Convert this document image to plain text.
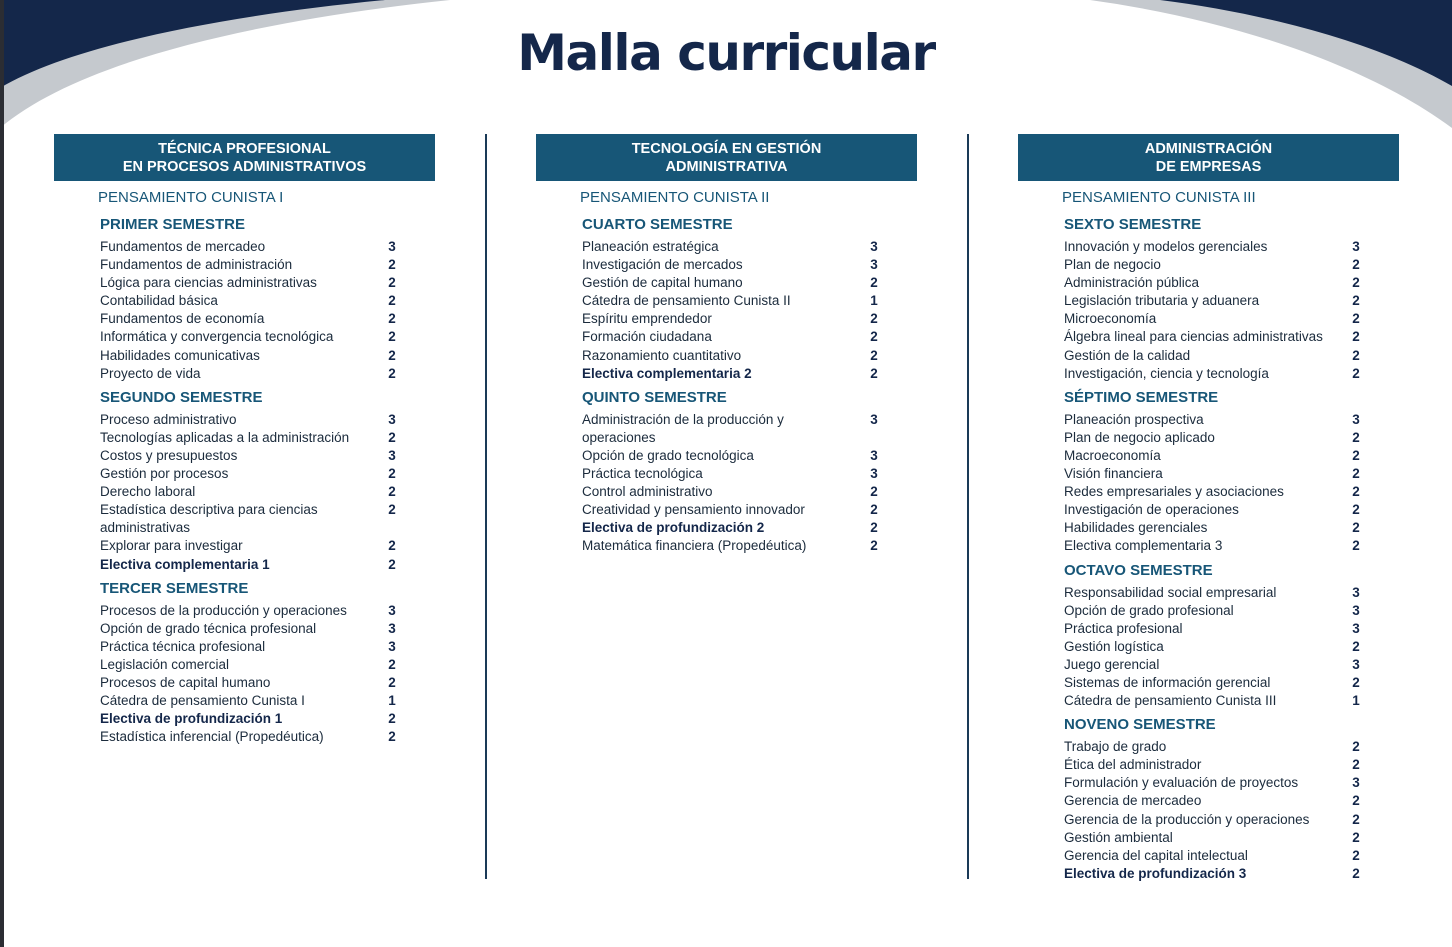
Malla curricular
TÉCNICA PROFESIONAL
EN PROCESOS ADMINISTRATIVOS
PENSAMIENTO CUNISTA I
PRIMER SEMESTRE
Fundamentos de mercadeo	3
Fundamentos de administración	2
Lógica para ciencias administrativas	2
Contabilidad básica	2
Fundamentos de economía	2
Informática y convergencia tecnológica	2
Habilidades comunicativas	2
Proyecto de vida	2
SEGUNDO SEMESTRE
Proceso administrativo	3
Tecnologías aplicadas a la administración	2
Costos y presupuestos	3
Gestión por procesos	2
Derecho laboral	2
Estadística descriptiva para ciencias administrativas
2
Explorar para investigar	2
Electiva complementaria 1	2
TERCER SEMESTRE
Procesos de la producción y operaciones	3
Opción de grado técnica profesional	3
Práctica técnica profesional	3
Legislación comercial	2
Procesos de capital humano	2
Cátedra de pensamiento Cunista I	1
Electiva de profundización 1	2
Estadística inferencial (Propedéutica)	2
TECNOLOGÍA EN GESTIÓN
ADMINISTRATIVA
PENSAMIENTO CUNISTA II
CUARTO SEMESTRE
Planeación estratégica	3
Investigación de mercados	3
Gestión de capital humano	2
Cátedra de pensamiento Cunista II	1
Espíritu emprendedor	2
Formación ciudadana	2
Razonamiento cuantitativo	2
Electiva complementaria 2	2
QUINTO SEMESTRE
Administración de la producción y operaciones
3
Opción de grado tecnológica	3
Práctica tecnológica	3
Control administrativo	2
Creatividad y pensamiento innovador	2
Electiva de profundización 2	2
Matemática financiera (Propedéutica)	2
ADMINISTRACIÓN
DE EMPRESAS
PENSAMIENTO CUNISTA III
SEXTO SEMESTRE
Innovación y modelos gerenciales	3
Plan de negocio	2
Administración pública	2
Legislación tributaria y aduanera	2
Microeconomía	2
Álgebra lineal para ciencias administrativas	2
Gestión de la calidad	2
Investigación, ciencia y tecnología	2
SÉPTIMO SEMESTRE
Planeación prospectiva	3
Plan de negocio aplicado	2
Macroeconomía	2
Visión financiera	2
Redes empresariales y asociaciones	2
Investigación de operaciones	2
Habilidades gerenciales	2
Electiva complementaria 3	2
OCTAVO SEMESTRE
Responsabilidad social empresarial	3
Opción de grado profesional	3
Práctica profesional	3
Gestión logística	2
Juego gerencial	3
Sistemas de información gerencial	2
Cátedra de pensamiento Cunista III	1
NOVENO SEMESTRE
Trabajo de grado	2
Ética del administrador	2
Formulación y evaluación de proyectos	3
Gerencia de mercadeo	2
Gerencia de la producción y operaciones	2
Gestión ambiental	2
Gerencia del capital intelectual	2
Electiva de profundización 3	2
